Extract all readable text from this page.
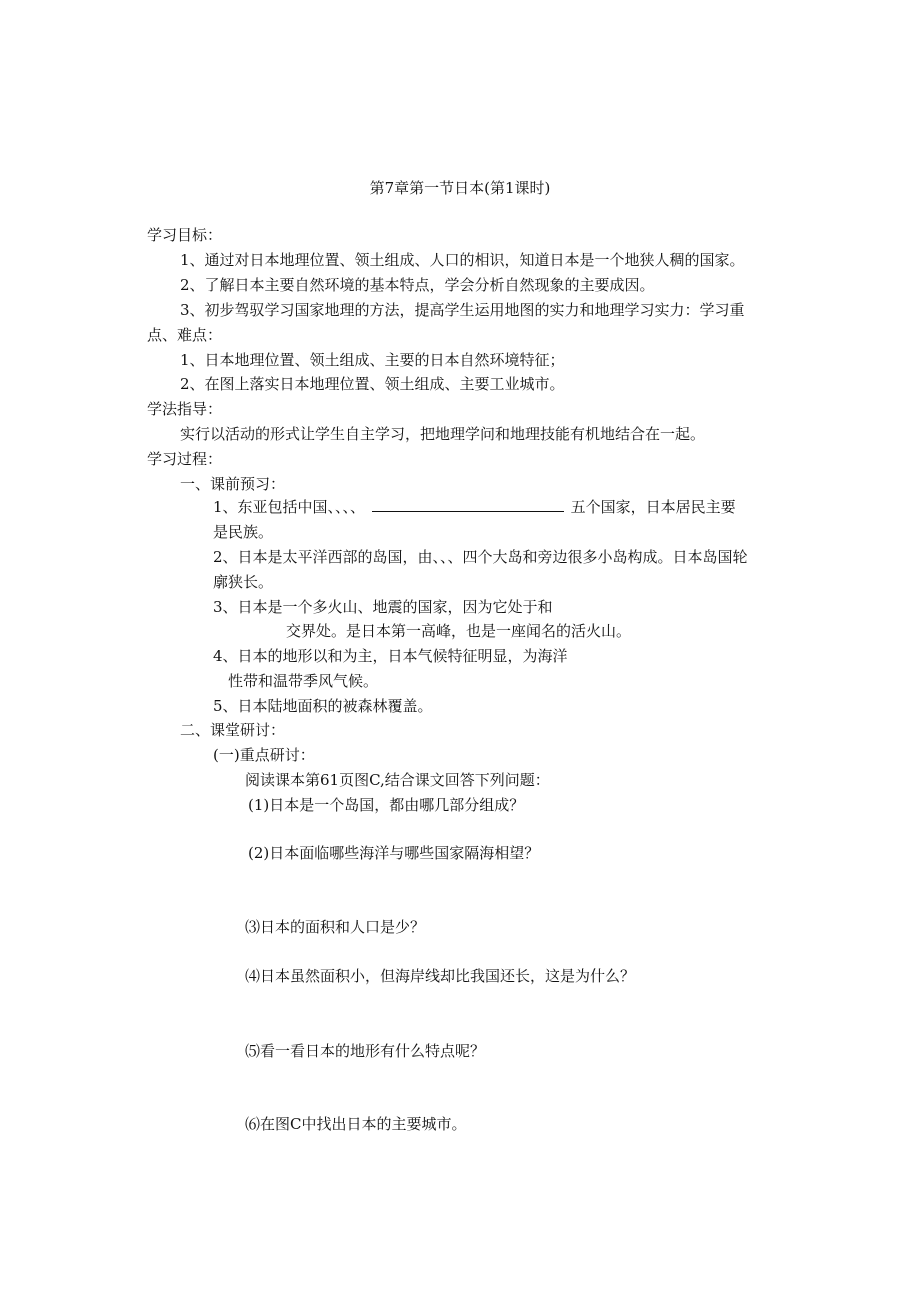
第7章第一节日本(第1课时)
学习目标：
1、通过对日本地理位置、领土组成、人口的相识，知道日本是一个地狭人稠的国家。
2、了解日本主要自然环境的基本特点，学会分析自然现象的主要成因。
3、初步驾驭学习国家地理的方法，提高学生运用地图的实力和地理学习实力：学习重
点、难点：
1、日本地理位置、领土组成、主要的日本自然环境特征；
2、在图上落实日本地理位置、领土组成、主要工业城市。
学法指导：
实行以活动的形式让学生自主学习，把地理学问和地理技能有机地结合在一起。
学习过程：
一、课前预习：
1、东亚包括中国、、、、	五个国家，日本居民主要
是民族。
2、日本是太平洋西部的岛国，由、、、四个大岛和旁边很多小岛构成。日本岛国轮
廓狭长。
3、日本是一个多火山、地震的国家，因为它处于和
交界处。是日本第一高峰，也是一座闻名的活火山。
4、日本的地形以和为主，日本气候特征明显，为海洋
性带和温带季风气候。
5、日本陆地面积的被森林覆盖。
二、课堂研讨：
(一)重点研讨：
阅读课本第61页图C,结合课文回答下列问题：
(1)日本是一个岛国，都由哪几部分组成？
(2)日本面临哪些海洋与哪些国家隔海相望？
⑶日本的面积和人口是少？
⑷日本虽然面积小，但海岸线却比我国还长，这是为什么？
⑸看一看日本的地形有什么特点呢？
⑹在图C中找出日本的主要城市。
